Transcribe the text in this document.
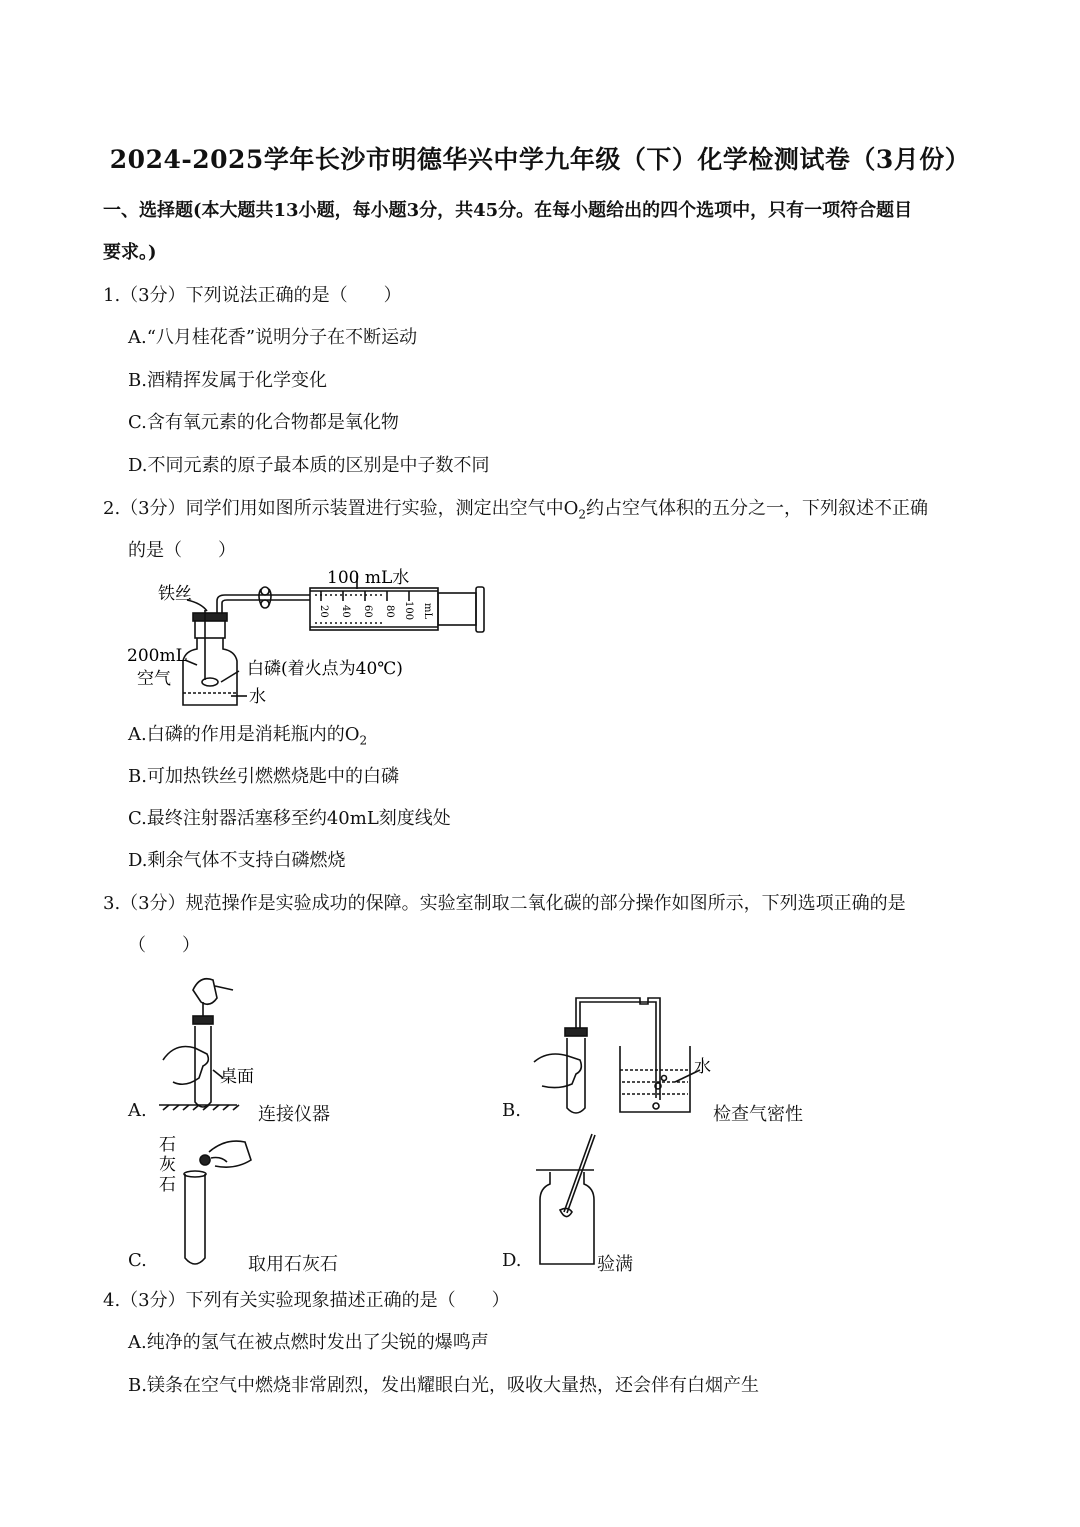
2024-2025学年长沙市明德华兴中学九年级（下）化学检测试卷（3月份）
一、选择题(本大题共13小题，每小题3分，共45分。在每小题给出的四个选项中，只有一项符合题目
要求。)
1.（3分）下列说法正确的是（　　）
A.“八月桂花香”说明分子在不断运动
B.酒精挥发属于化学变化
C.含有氧元素的化合物都是氧化物
D.不同元素的原子最本质的区别是中子数不同
2.（3分）同学们用如图所示装置进行实验，测定出空气中$O_2$约占空气体积的五分之一，下列叙述不正确
的是（　　）
铁丝
100 mL水
200mL
空气	白磷(着火点为40℃)
水
20 40 60 80 100 mL
A.白磷的作用是消耗瓶内的$O_2$
B.可加热铁丝引燃燃烧匙中的白磷
C.最终注射器活塞移至约40mL刻度线处
D.剩余气体不支持白磷燃烧
3.（3分）规范操作是实验成功的保障。实验室制取二氧化碳的部分操作如图所示，下列选项正确的是
（　　）
桌面
A.	连接仪器
水
B.	检查气密性
石
灰
石
C.	取用石灰石	D.	验满
4.（3分）下列有关实验现象描述正确的是（　　）
A.纯净的氢气在被点燃时发出了尖锐的爆鸣声
B.镁条在空气中燃烧非常剧烈，发出耀眼白光，吸收大量热，还会伴有白烟产生
